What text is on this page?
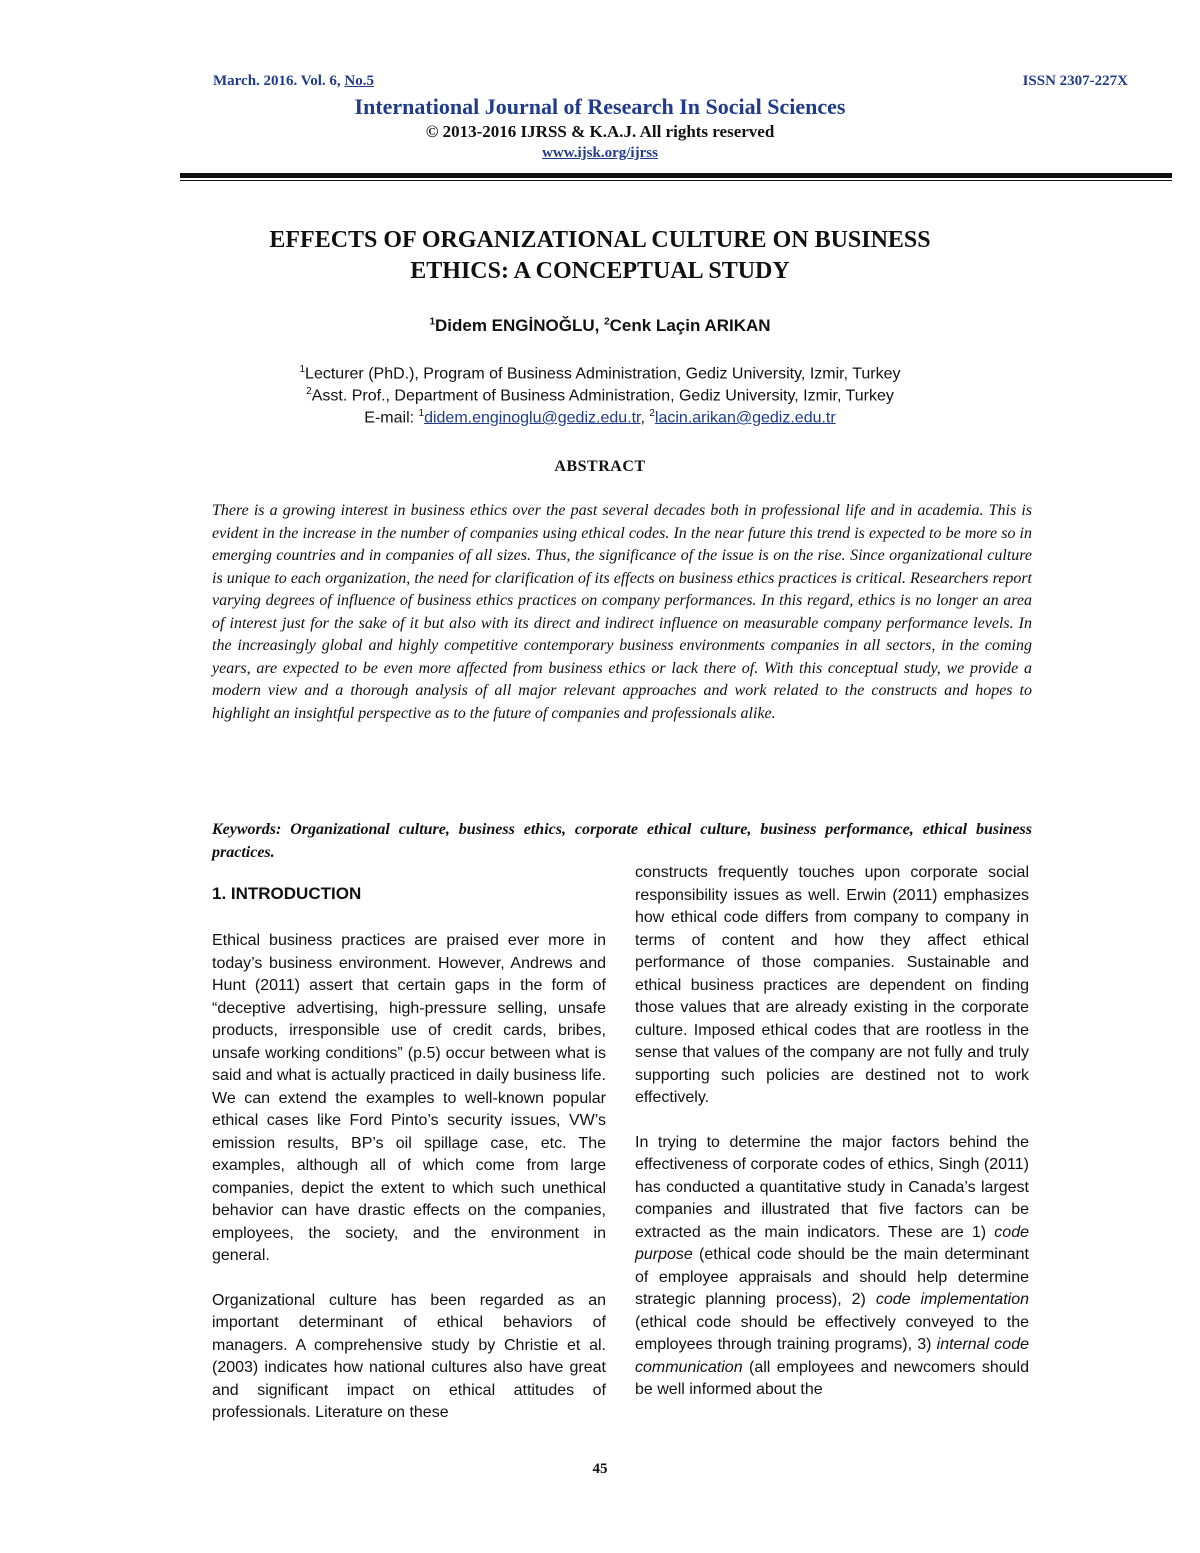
March. 2016. Vol. 6, No.5	ISSN 2307-227X
International Journal of Research In Social Sciences
© 2013-2016 IJRSS & K.A.J. All rights reserved
www.ijsk.org/ijrss
EFFECTS OF ORGANIZATIONAL CULTURE ON BUSINESS
ETHICS: A CONCEPTUAL STUDY
$^1$Didem ENGİNOĞLU, $^2$Cenk Laçin ARIKAN
$^1$Lecturer (PhD.), Program of Business Administration, Gediz University, Izmir, Turkey
$^2$Asst. Prof., Department of Business Administration, Gediz University, Izmir, Turkey
E-mail: $^1$didem.enginoglu@gediz.edu.tr, $^2$lacin.arikan@gediz.edu.tr
ABSTRACT

There is a growing interest in business ethics over the past several decades both in professional life and in academia. This is evident in the increase in the number of companies using ethical codes. In the near future this trend is expected to be more so in emerging countries and in companies of all sizes. Thus, the significance of the issue is on the rise. Since organizational culture is unique to each organization, the need for clarification of its effects on business ethics practices is critical. Researchers report varying degrees of influence of business ethics practices on company performances. In this regard, ethics is no longer an area of interest just for the sake of it but also with its direct and indirect influence on measurable company performance levels. In the increasingly global and highly competitive contemporary business environments companies in all sectors, in the coming years, are expected to be even more affected from business ethics or lack there of. With this conceptual study, we provide a modern view and a thorough analysis of all major relevant approaches and work related to the constructs and hopes to highlight an insightful perspective as to the future of companies and professionals alike.

Keywords: Organizational culture, business ethics, corporate ethical culture, business performance, ethical business practices.

1. INTRODUCTION

Ethical business practices are praised ever more in today’s business environment. However, Andrews and Hunt (2011) assert that certain gaps in the form of “deceptive advertising, high-pressure selling, unsafe products, irresponsible use of credit cards, bribes, unsafe working conditions” (p.5) occur between what is said and what is actually practiced in daily business life. We can extend the examples to well-known popular ethical cases like Ford Pinto’s security issues, VW’s emission results, BP’s oil spillage case, etc. The examples, although all of which come from large companies, depict the extent to which such unethical behavior can have drastic effects on the companies, employees, the society, and the environment in general.

Organizational culture has been regarded as an important determinant of ethical behaviors of managers. A comprehensive study by Christie et al. (2003) indicates how national cultures also have great and significant impact on ethical attitudes of professionals. Literature on these

constructs frequently touches upon corporate social responsibility issues as well. Erwin (2011) emphasizes how ethical code differs from company to company in terms of content and how they affect ethical performance of those companies. Sustainable and ethical business practices are dependent on finding those values that are already existing in the corporate culture. Imposed ethical codes that are rootless in the sense that values of the company are not fully and truly supporting such policies are destined not to work effectively.

In trying to determine the major factors behind the effectiveness of corporate codes of ethics, Singh (2011) has conducted a quantitative study in Canada’s largest companies and illustrated that five factors can be extracted as the main indicators. These are 1) code purpose (ethical code should be the main determinant of employee appraisals and should help determine strategic planning process), 2) code implementation (ethical code should be effectively conveyed to the employees through training programs), 3) internal code communication (all employees and newcomers should be well informed about the

45
